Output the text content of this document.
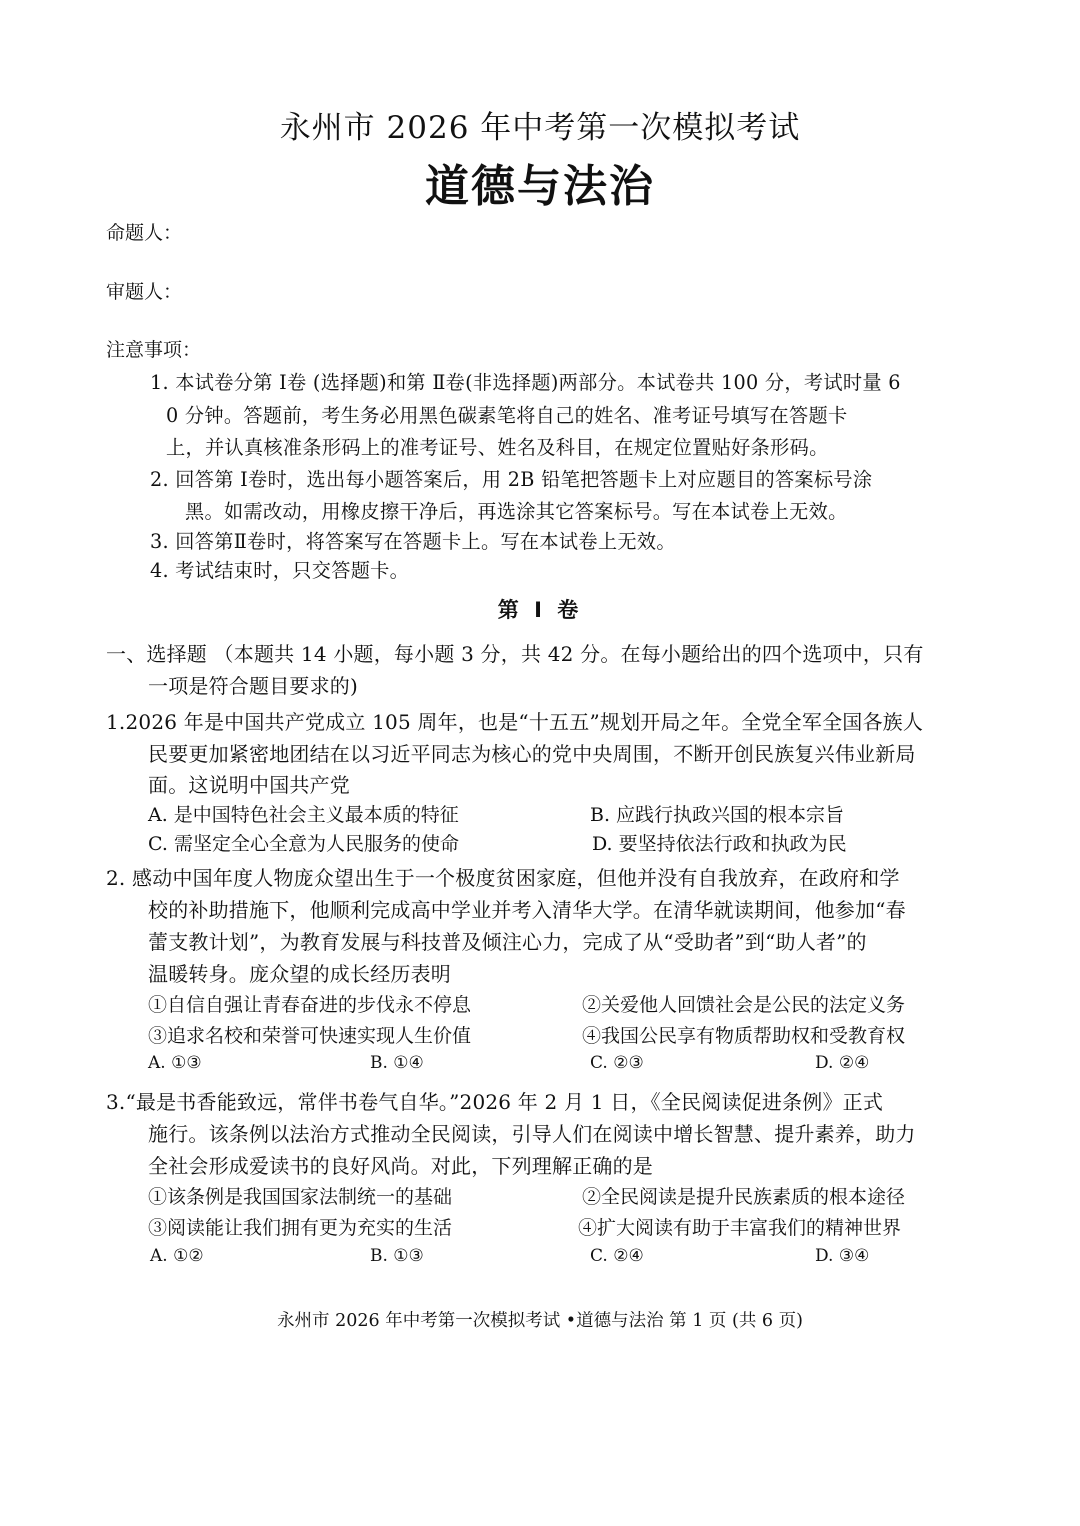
永州市 2026 年中考第一次模拟考试
道德与法治
命题人：
审题人：
注意事项：
1. 本试卷分第 Ⅰ卷 (选择题)和第 Ⅱ卷(非选择题)两部分。本试卷共 100 分，考试时量 6
0 分钟。答题前，考生务必用黑色碳素笔将自己的姓名、准考证号填写在答题卡
上，并认真核准条形码上的准考证号、姓名及科目，在规定位置贴好条形码。
2. 回答第 Ⅰ卷时，选出每小题答案后，用 2B 铅笔把答题卡上对应题目的答案标号涂
黑。如需改动，用橡皮擦干净后，再选涂其它答案标号。写在本试卷上无效。
3. 回答第Ⅱ卷时，将答案写在答题卡上。写在本试卷上无效。
4. 考试结束时，只交答题卡。
第 Ⅰ 卷
一、选择题 （本题共 14 小题，每小题 3 分，共 42 分。在每小题给出的四个选项中，只有
一项是符合题目要求的)
1.2026 年是中国共产党成立 105 周年，也是“十五五”规划开局之年。全党全军全国各族人
民要更加紧密地团结在以习近平同志为核心的党中央周围，不断开创民族复兴伟业新局
面。这说明中国共产党
A. 是中国特色社会主义最本质的特征	B. 应践行执政兴国的根本宗旨
C. 需坚定全心全意为人民服务的使命	D. 要坚持依法行政和执政为民
2. 感动中国年度人物庞众望出生于一个极度贫困家庭，但他并没有自我放弃，在政府和学
校的补助措施下，他顺利完成高中学业并考入清华大学。在清华就读期间，他参加“春
蕾支教计划”，为教育发展与科技普及倾注心力，完成了从“受助者”到“助人者”的
温暖转身。庞众望的成长经历表明
①自信自强让青春奋进的步伐永不停息	②关爱他人回馈社会是公民的法定义务
③追求名校和荣誉可快速实现人生价值	④我国公民享有物质帮助权和受教育权
A. ①③	B. ①④	C. ②③	D. ②④
3.“最是书香能致远，常伴书卷气自华。”2026 年 2 月 1 日，《全民阅读促进条例》正式
施行。该条例以法治方式推动全民阅读，引导人们在阅读中增长智慧、提升素养，助力
全社会形成爱读书的良好风尚。对此，下列理解正确的是
①该条例是我国国家法制统一的基础	②全民阅读是提升民族素质的根本途径
③阅读能让我们拥有更为充实的生活	④扩大阅读有助于丰富我们的精神世界
A. ①②	B. ①③	C. ②④	D. ③④
永州市 2026 年中考第一次模拟考试 •道德与法治 第 1 页 (共 6 页)
